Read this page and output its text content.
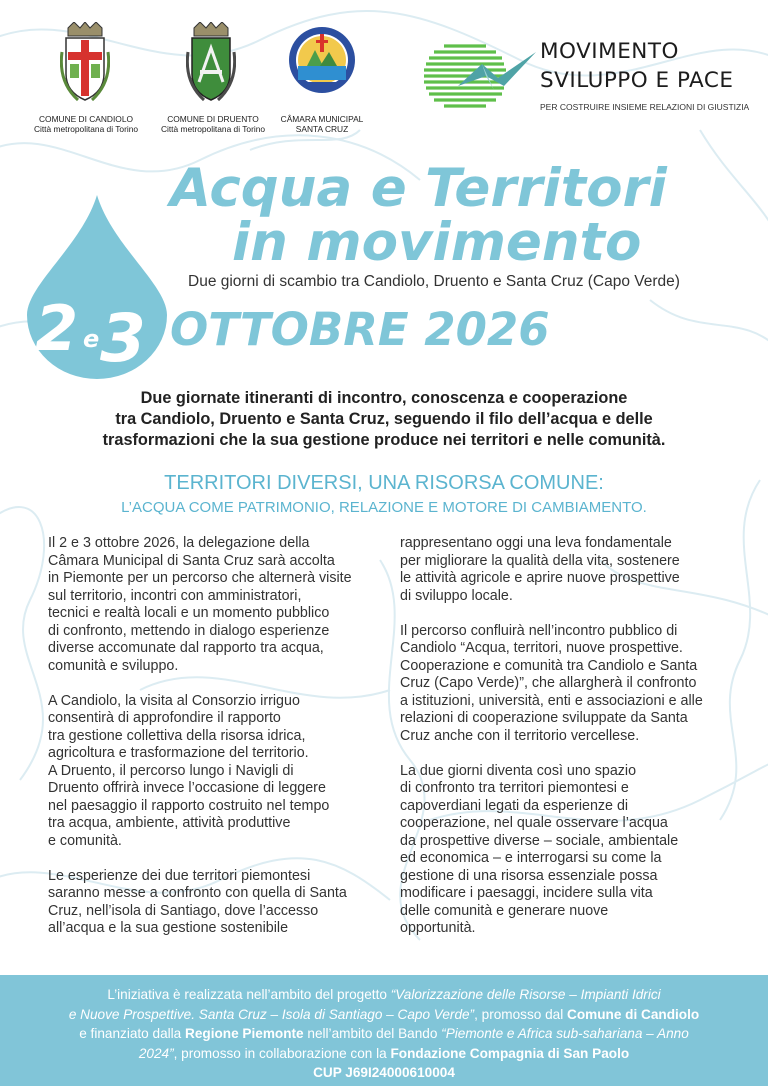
COMUNE DI CANDIOLO
Città metropolitana di Torino
COMUNE DI DRUENTO
Città metropolitana di Torino
CÂMARA MUNICIPAL
SANTA CRUZ
MOVIMENTO
SVILUPPO E PACE
PER COSTRUIRE INSIEME RELAZIONI DI GIUSTIZIA
Acqua e Territori
in movimento
Due giorni di scambio tra Candiolo, Druento e Santa Cruz (Capo Verde)
2 e 3 OTTOBRE 2026
Due giornate itineranti di incontro, conoscenza e cooperazione
tra Candiolo, Druento e Santa Cruz, seguendo il filo dell’acqua e delle
trasformazioni che la sua gestione produce nei territori e nelle comunità.
TERRITORI DIVERSI, UNA RISORSA COMUNE:
L’ACQUA COME PATRIMONIO, RELAZIONE E MOTORE DI CAMBIAMENTO.

Il 2 e 3 ottobre 2026, la delegazione della
Câmara Municipal di Santa Cruz sarà accolta
in Piemonte per un percorso che alternerà visite
sul territorio, incontri con amministratori,
tecnici e realtà locali e un momento pubblico
di confronto, mettendo in dialogo esperienze
diverse accomunate dal rapporto tra acqua,
comunità e sviluppo.

A Candiolo, la visita al Consorzio irriguo
consentirà di approfondire il rapporto
tra gestione collettiva della risorsa idrica,
agricoltura e trasformazione del territorio.
A Druento, il percorso lungo i Navigli di
Druento offrirà invece l’occasione di leggere
nel paesaggio il rapporto costruito nel tempo
tra acqua, ambiente, attività produttive
e comunità.

Le esperienze dei due territori piemontesi
saranno messe a confronto con quella di Santa
Cruz, nell’isola di Santiago, dove l’accesso
all’acqua e la sua gestione sostenibile

rappresentano oggi una leva fondamentale
per migliorare la qualità della vita, sostenere
le attività agricole e aprire nuove prospettive
di sviluppo locale.

Il percorso confluirà nell’incontro pubblico di
Candiolo “Acqua, territori, nuove prospettive.
Cooperazione e comunità tra Candiolo e Santa
Cruz (Capo Verde)”, che allargherà il confronto
a istituzioni, università, enti e associazioni e alle
relazioni di cooperazione sviluppate da Santa
Cruz anche con il territorio vercellese.

La due giorni diventa così uno spazio
di confronto tra territori piemontesi e
capoverdiani legati da esperienze di
cooperazione, nel quale osservare l’acqua
da prospettive diverse – sociale, ambientale
ed economica – e interrogarsi su come la
gestione di una risorsa essenziale possa
modificare i paesaggi, incidere sulla vita
delle comunità e generare nuove
opportunità.

L’iniziativa è realizzata nell’ambito del progetto “Valorizzazione delle Risorse – Impianti Idrici
e Nuove Prospettive. Santa Cruz – Isola di Santiago – Capo Verde”, promosso dal Comune di Candiolo
e finanziato dalla Regione Piemonte nell’ambito del Bando “Piemonte e Africa sub-sahariana – Anno
2024”, promosso in collaborazione con la Fondazione Compagnia di San Paolo
CUP J69I24000610004
